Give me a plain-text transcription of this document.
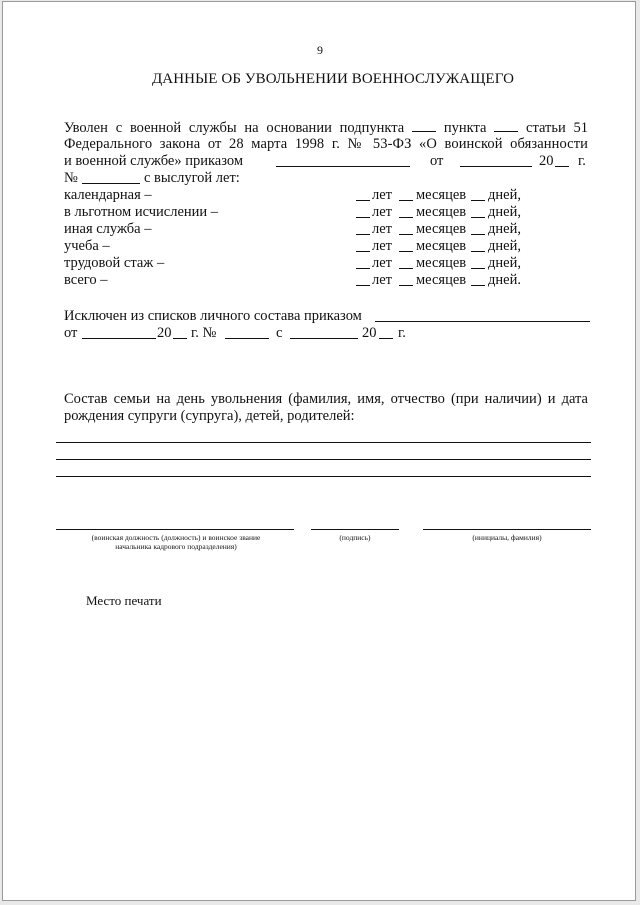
9
ДАННЫЕ ОБ УВОЛЬНЕНИИ ВОЕННОСЛУЖАЩЕГО
Уволен с военной службы на основании подпункта	пункта	статьи 51
Федерального закона от 28 марта 1998 г. № 53-ФЗ «О воинской обязанности
и военной службе» приказом	от	20 г.
№	с выслугой лет:
календарная –	лет месяцев дней,
в льготном исчислении –	лет месяцев дней,
иная служба –	лет месяцев дней,
учеба –	лет месяцев дней,
трудовой стаж –	лет месяцев дней,
всего –	лет месяцев дней.
Исключен из списков личного состава приказом
от	20 г. №	с	20 г.
Состав семьи на день увольнения (фамилия, имя, отчество (при наличии) и дата
рождения супруги (супруга), детей, родителей:
(воинская должность (должность) и воинское звание
начальника кадрового подразделения)
(подпись)	(инициалы, фамилия)
Место печати
